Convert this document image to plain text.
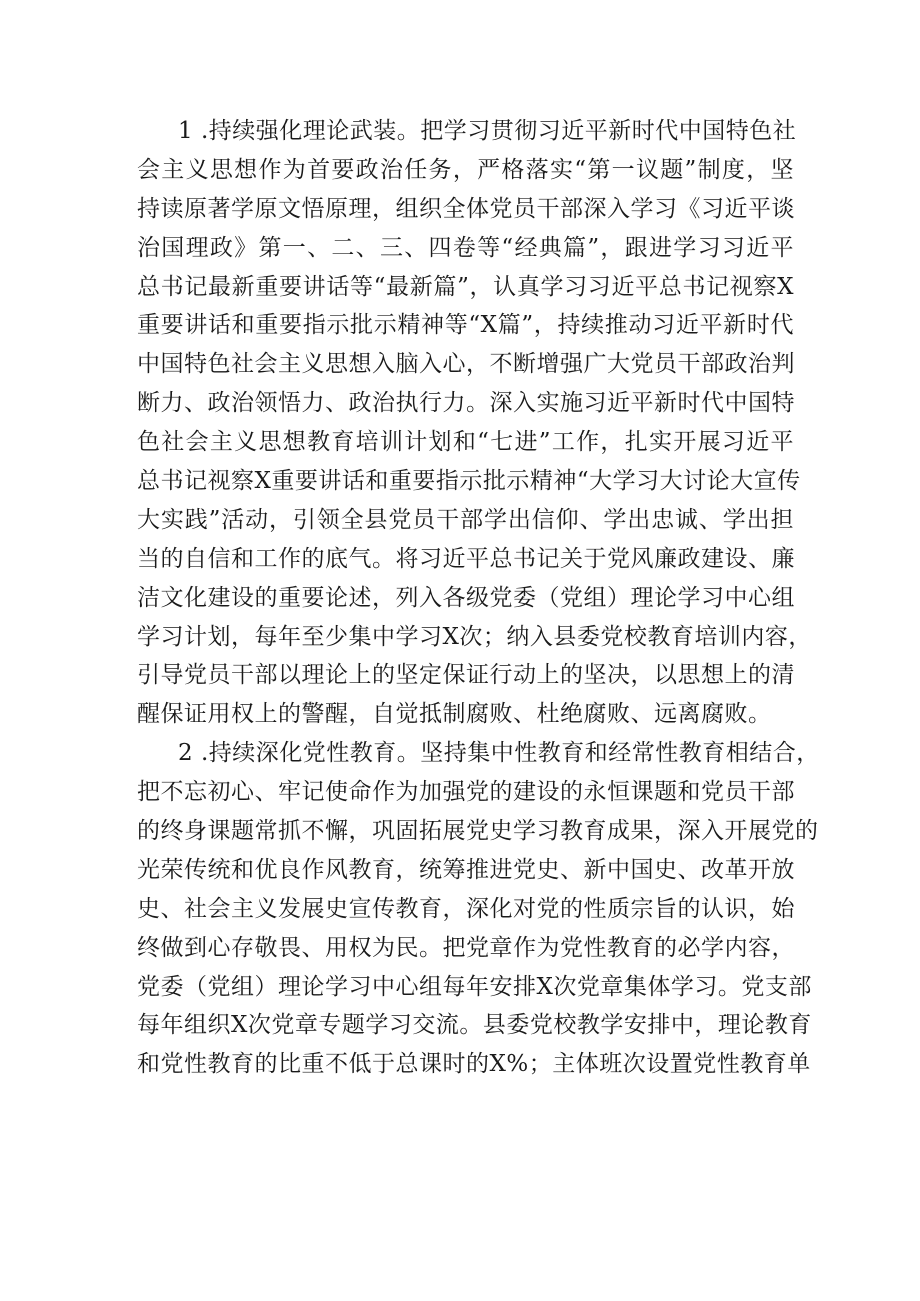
1 .持续强化理论武装。把学习贯彻习近平新时代中国特色社
会主义思想作为首要政治任务，严格落实“第一议题”制度，坚
持读原著学原文悟原理，组织全体党员干部深入学习《习近平谈
治国理政》第一、二、三、四卷等“经典篇”，跟进学习习近平
总书记最新重要讲话等“最新篇”，认真学习习近平总书记视察X
重要讲话和重要指示批示精神等“X篇”，持续推动习近平新时代
中国特色社会主义思想入脑入心，不断增强广大党员干部政治判
断力、政治领悟力、政治执行力。深入实施习近平新时代中国特
色社会主义思想教育培训计划和“七进”工作，扎实开展习近平
总书记视察X重要讲话和重要指示批示精神“大学习大讨论大宣传
大实践”活动，引领全县党员干部学出信仰、学出忠诚、学出担
当的自信和工作的底气。将习近平总书记关于党风廉政建设、廉
洁文化建设的重要论述，列入各级党委（党组）理论学习中心组
学习计划，每年至少集中学习X次；纳入县委党校教育培训内容，
引导党员干部以理论上的坚定保证行动上的坚决，以思想上的清
醒保证用权上的警醒，自觉抵制腐败、杜绝腐败、远离腐败。
2 .持续深化党性教育。坚持集中性教育和经常性教育相结合，
把不忘初心、牢记使命作为加强党的建设的永恒课题和党员干部
的终身课题常抓不懈，巩固拓展党史学习教育成果，深入开展党的
光荣传统和优良作风教育，统筹推进党史、新中国史、改革开放
史、社会主义发展史宣传教育，深化对党的性质宗旨的认识，始
终做到心存敬畏、用权为民。把党章作为党性教育的必学内容，
党委（党组）理论学习中心组每年安排X次党章集体学习。党支部
每年组织X次党章专题学习交流。县委党校教学安排中，理论教育
和党性教育的比重不低于总课时的X%；主体班次设置党性教育单
